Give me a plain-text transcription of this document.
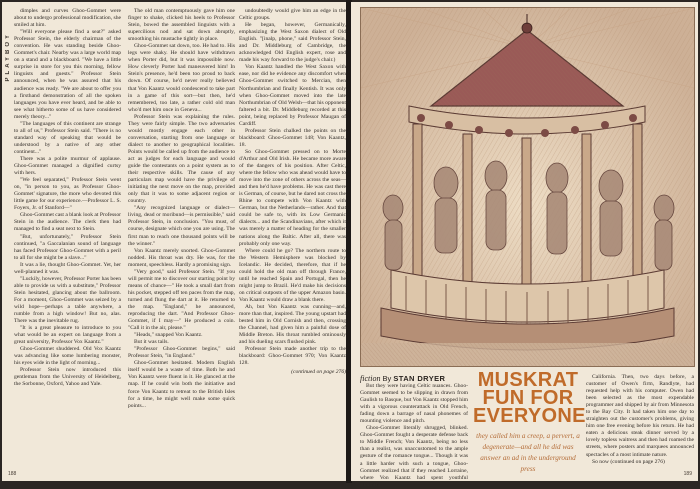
PLAYBOY

dimples and curves Ghoo-Gommet were about to undergo professional modification, she smiled at him.

"Will everyone please find a seat?" asked Professor Stein, the elderly chairman of the convention. He was standing beside Ghoo-Gommet's chair. Nearby was a large world map on a stand and a blackboard. "We have a little surprise in store for you this morning, fellow linguists and guests." Professor Stein announced, when he was assured that his audience was ready. "We are about to offer you a firsthand demonstration of all the spoken languages you have ever heard, and be able to see what hitherto some of us have considered merely theory..."

"The languages of this continent are strange to all of us," Professor Stein said. "There is no standard way of speaking that would be understood by a native of any other continent..."

There was a polite murmur of applause. Ghoo-Gommet managed a dignified curtsy with hers.

"We feel separated," Professor Stein went on, "in person to you, as Professor Ghoo-Gommet' signature, the more who devoted this little game for our experience.—Professor L. S. Foyers, Jr. of Stanford—"

Ghoo-Gommet cast a blank look at Professor Stein in the audience. The clerk then had managed to find a seat next to Stein.

"But, unfortunately," Professor Stein continued, "a Gaccalanian sound of language has faced Professor Ghoo-Gommet with a peril to all for she might be a slave..."

It was a lie, thought Ghoo-Gommet. Yet, her well-planned it was.

"Luckily, however, Professor Porter has been able to provide us with a substitute," Professor Stein hesitated, glancing about the ballroom. For a moment, Ghoo-Gommet was seized by a wild hope—perhaps a table anywhere, a rumble from a high window! But no, alas. There was the inevitable rug.

"It is a great pleasure to introduce to you what would be an expert on language from a great university, Professor Vox Kaantz."

Ghoo-Gommet shuddered. Old Vox Kaantz was advancing like some lumbering monster, his eyes wide in the light of morning...

Professor Stein now introduced this gentleman from the University of Heidelberg, the Sorbonne, Oxford, Yahoo and Yale.

The old man contemptuously gave him one finger to shake, clicked his heels to Professor Stein, bowed the assembled linguists with a supercilious nod and sat down abruptly, smoothing his mustache tightly in place.

Ghoo-Gommet sat down, too. He had to. His legs were shaky. He should have withdrawn when Porter did, but it was impossible now. How cleverly Porter had maneuvered him! In Stein's presence, he'd been too proud to back down. Of course, he'd never really believed that Von Kaantz would condescend to take part in a game of this sort—but then, he'd remembered, too late, a rather cold old man who'd met him once in Geneva...

Professor Stein was explaining the rules. They were fairly simple. The two adversaries would mostly engage each other in conversation, starting from one language or dialect to another to geographical localities. Points would be called up from the audience to act as judges for each language and would guide the contestants on a point system as to their respective skills. The cause of any particulars map would have the privilege of initiating the next move on the map, provided only that it was to some adjacent region or country.

"Any recognized language or dialect—living, dead or moribund—is permissible," said Professor Stein, in conclusion. "You must, of course, designate which one you are using. The first man to reach one thousand points will be the winner."

Von Kaantz merely snorted. Ghoo-Gommet nodded. His throat was dry. He was, for the moment, speechless. Hardly a promising sign.

"Very good," said Professor Stein. "If you will permit me to discover our starting point by means of chance—" He took a small dart from his pocket, stepped off ten paces from the map, turned and flung the dart at it. He returned to the map. "England," he announced, reproducing the dart. "And Professor Ghoo-Gommet, if I may—" He produced a coin. "Call it in the air, please."

"Heads," snapped Von Kaantz.

But it was tails.

"Professor Ghoo-Gommet begins," said Professor Stein, "in England."

Ghoo-Gommet hesitated. Modern English itself would be a waste of time. Both he and Von Kaantz were fluent in it. He glanced at the map. If he could win both the initiative and force Von Kaantz to retreat to the British Isles for a time, he might well make some quick points...

undoubtedly would give him an edge in the Celtic groups.

He began, however, Germanically, emphasizing the West Saxon dialect of Old English. "[inalp, phone," said Professor Stein, and Dr. Middleburg of Cambridge, the acknowledged Old English expert, rose and made his way forward to the judge's chair.)

Von Kaantz handled the West Saxon with ease, nor did he evidence any discomfort when Ghoo-Gommet switched to Mercian, then Northumbrian and finally Kentish. It was only when Ghoo-Gommet moved into the late Northumbrian of Old Welsh—that his opponent faltered a bit. Dr. Middleburg recorded at this point, being replaced by Professor Maugan of Cardiff.

Professor Stein chalked the points on the blackboard: Ghoo-Gommet 148; Von Kaantz, 18.

So Ghoo-Gommet pressed on to Morte d'Arthur and Old Irish. He became more aware of the dangers of his position. After Celtic, where the fellow who was ahead would have to move into the zone of others across the seas—and then he'd have problems. He was cast there is German, of course, but he dared not cross the Rhine to compete with Von Kaantz with German, but the Netherlands—rather. And that could be safe to, with its Low Germanic dialects... and the Scandinavians, after which it was merely a matter of heading for the smaller nations along the Baltic. After all, there was probably only one way.

Where could he go? The northern route to the Western Hemisphere was blocked by Icelandic. He decided, therefore, that if he could hold the old man off through France, until he reached Spain and Portugal, then he might jump to Brazil. He'd make his decisions on critical outposts of the upper Amazon basin. Von Kaantz would draw a blank there.

Ah, but Von Kaantz was cunning—and, more than that, inspired. The young upstart had bested him in Old Cornish and then, crossing the Channel, had given him a painful dose of Middle Breton. His throat rumbled ominously and his dueling scars flushed pink.

Professor Stein made another trip to the blackboard: Ghoo-Gommet 970; Von Kaantz 128.

(continued on page 276)
188
fiction By STAN DRYER

But they were having Celtic nuances. Ghoo-Gommet seemed to be slipping in drawn from Gaulish to Basque, but Von Kaantz stopped him with a vigorous counterattack in Old French, fading down a barrage of nasal phonemes of mounting violence and pitch.

Ghoo-Gommet literally shrugged, blinked. Ghoo-Gommet fought a desperate defense back to Middle French; Von Kaantz, being no less than a realist, was unaccustomed to the ample gesture of the romance tongue... Though it was a little harder with such a tongue, Ghoo-Gommet realized that if they reached Lorraine, where Von Kaantz had spent youthful summers...

MUSKRAT
FUN FOR
EVERYONE
they called him a creep, a pervert, a degenerate—and all he did was answer an ad in the underground press

California. Then, two days before, a customer of Owen's firm, Randlyte, had requested help with his computer. Owen had been selected as the most expendable programmer and shipped by air from Minnesota to the Bay City. It had taken him one day to straighten out the customer's problems, giving him one free evening before his return. He had eaten a delicious steak dinner served by a lovely topless waitress and then had roamed the streets, where posters and marquees announced spectacles of a most intimate nature.

So now (continued on page 276)

189
